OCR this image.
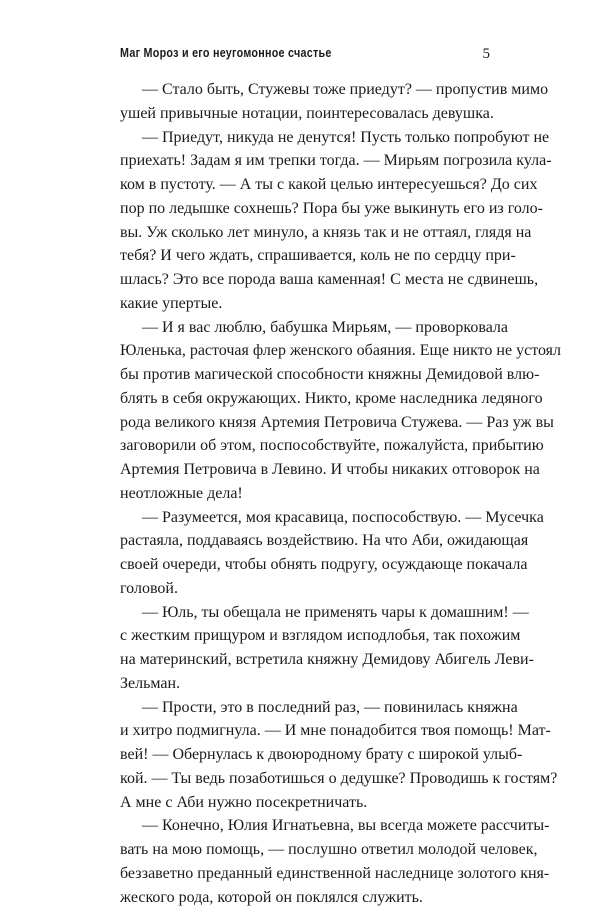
Маг Мороз и его неугомонное счастье	5
— Стало быть, Стужевы тоже приедут? — пропустив мимо
ушей привычные нотации, поинтересовалась девушка.
— Приедут, никуда не денутся! Пусть только попробуют не
приехать! Задам я им трепки тогда. — Мирьям погрозила кула-
ком в пустоту. — А ты с какой целью интересуешься? До сих
пор по ледышке сохнешь? Пора бы уже выкинуть его из голо-
вы. Уж сколько лет минуло, а князь так и не оттаял, глядя на
тебя? И чего ждать, спрашивается, коль не по сердцу при-
шлась? Это все порода ваша каменная! С места не сдвинешь,
какие упертые.
— И я вас люблю, бабушка Мирьям, — проворковала
Юленька, расточая флер женского обаяния. Еще никто не устоял
бы против магической способности княжны Демидовой влю-
блять в себя окружающих. Никто, кроме наследника ледяного
рода великого князя Артемия Петровича Стужева. — Раз уж вы
заговорили об этом, поспособствуйте, пожалуйста, прибытию
Артемия Петровича в Левино. И чтобы никаких отговорок на
неотложные дела!
— Разумеется, моя красавица, поспособствую. — Мусечка
растаяла, поддаваясь воздействию. На что Аби, ожидающая
своей очереди, чтобы обнять подругу, осуждающе покачала
головой.
— Юль, ты обещала не применять чары к домашним! —
с жестким прищуром и взглядом исподлобья, так похожим
на материнский, встретила княжну Демидову Абигель Леви-
Зельман.
— Прости, это в последний раз, — повинилась княжна
и хитро подмигнула. — И мне понадобится твоя помощь! Мат-
вей! — Обернулась к двоюродному брату с широкой улыб-
кой. — Ты ведь позаботишься о дедушке? Проводишь к гостям?
А мне с Аби нужно посекретничать.
— Конечно, Юлия Игнатьевна, вы всегда можете рассчиты-
вать на мою помощь, — послушно ответил молодой человек,
беззаветно преданный единственной наследнице золотого кня-
жеского рода, которой он поклялся служить.
